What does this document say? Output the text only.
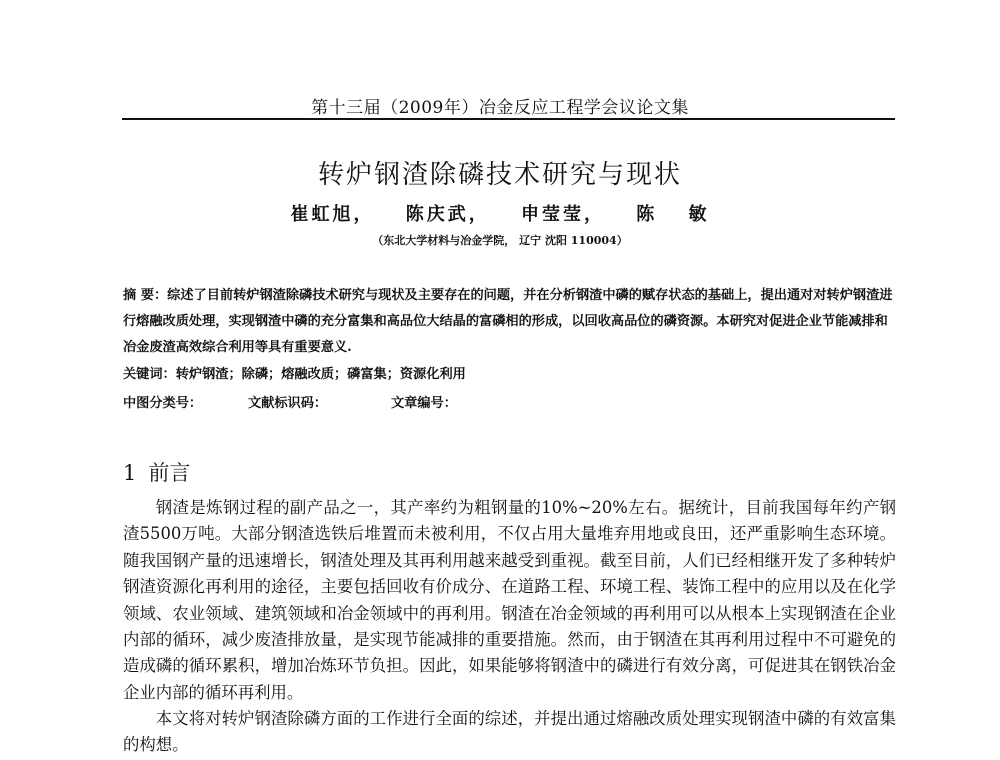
第十三届（2009年）冶金反应工程学会议论文集
转炉钢渣除磷技术研究与现状
崔虹旭， 陈庆武， 申莹莹， 陈 敏
（东北大学材料与冶金学院， 辽宁 沈阳 110004）

摘 要：综述了目前转炉钢渣除磷技术研究与现状及主要存在的问题，并在分析钢渣中磷的赋存状态的基础上，提出通对对转炉钢渣进行熔融改质处理，实现钢渣中磷的充分富集和高品位大结晶的富磷相的形成，以回收高品位的磷资源。本研究对促进企业节能减排和冶金废渣高效综合利用等具有重要意义.

关键词：转炉钢渣；除磷；熔融改质；磷富集；资源化利用

中图分类号：	文献标识码：	文章编号：

1 前言

钢渣是炼钢过程的副产品之一，其产率约为粗钢量的10%~20%左右。据统计，目前我国每年约产钢渣5500万吨。大部分钢渣选铁后堆置而未被利用，不仅占用大量堆弃用地或良田，还严重影响生态环境。随我国钢产量的迅速增长，钢渣处理及其再利用越来越受到重视。截至目前，人们已经相继开发了多种转炉钢渣资源化再利用的途径，主要包括回收有价成分、在道路工程、环境工程、装饰工程中的应用以及在化学领域、农业领域、建筑领域和冶金领域中的再利用。钢渣在冶金领域的再利用可以从根本上实现钢渣在企业内部的循环，减少废渣排放量，是实现节能减排的重要措施。然而，由于钢渣在其再利用过程中不可避免的造成磷的循环累积，增加冶炼环节负担。因此，如果能够将钢渣中的磷进行有效分离，可促进其在钢铁冶金企业内部的循环再利用。

本文将对转炉钢渣除磷方面的工作进行全面的综述，并提出通过熔融改质处理实现钢渣中磷的有效富集的构想。
